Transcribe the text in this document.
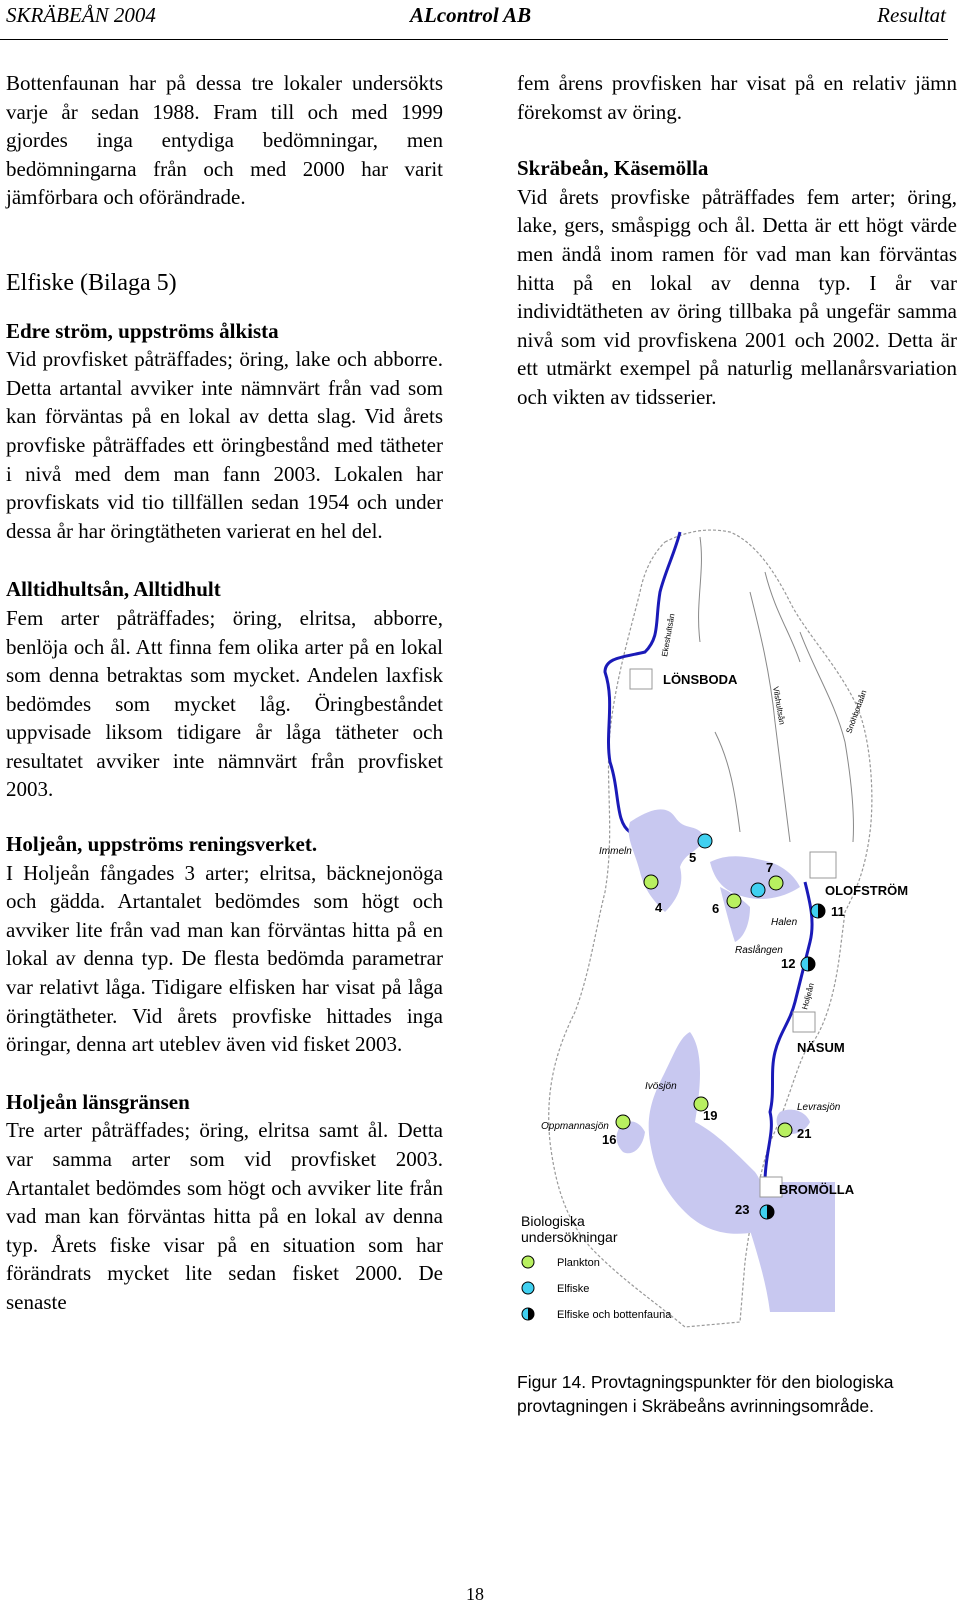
SKRÄBEÅN 2004	ALcontrol AB	Resultat

Bottenfaunan har på dessa tre lokaler undersökts varje år sedan 1988. Fram till och med 1999 gjordes inga entydiga bedömningar, men bedömningarna från och med 2000 har varit jämförbara och oförändrade.

Elfiske (Bilaga 5)
Edre ström, uppströms ålkista

Vid provfisket påträffades; öring, lake och abborre. Detta artantal avviker inte nämnvärt från vad som kan förväntas på en lokal av detta slag. Vid årets provfiske påträffades ett öringbestånd med tätheter i nivå med dem man fann 2003. Lokalen har provfiskats vid tio tillfällen sedan 1954 och under dessa år har öringtätheten varierat en hel del.

Alltidhultsån, Alltidhult

Fem arter påträffades; öring, elritsa, abborre, benlöja och ål. Att finna fem olika arter på en lokal som denna betraktas som mycket. Andelen laxfisk bedömdes som mycket låg. Öringbeståndet uppvisade liksom tidigare år låga tätheter och resultatet avviker inte nämnvärt från provfisket 2003.

Holjeån, uppströms reningsverket.

I Holjeån fångades 3 arter; elritsa, bäcknejonöga och gädda. Artantalet bedömdes som högt och avviker lite från vad man kan förväntas hitta på en lokal av denna typ. De flesta bedömda parametrar var relativt låga. Tidigare elfisken har visat på låga öringtätheter. Vid årets provfiske hittades inga öringar, denna art uteblev även vid fisket 2003.

Holjeån länsgränsen

Tre arter påträffades; öring, elritsa samt ål. Detta var samma arter som vid provfisket 2003. Artantalet bedömdes som högt och avviker lite från vad man kan förväntas hitta på en lokal av denna typ. Årets fiske visar på en situation som har förändrats mycket lite sedan fisket 2000. De senaste

fem årens provfisken har visat på en relativ jämn förekomst av öring.

Skräbeån, Käsemölla

Vid årets provfiske påträffades fem arter; öring, lake, gers, småspigg och ål. Detta är ett högt värde men ändå inom ramen för vad man kan förväntas hitta på en lokal av denna typ. I år var individtätheten av öring tillbaka på ungefär samma nivå som vid provfiskena 2001 och 2002. Detta är ett utmärkt exempel på naturlig mellanårsvariation och vikten av tidsserier.

LÖNSBODA
OLOFSTRÖM
NÄSUM
BROMÖLLA
Ekeshultsån
Vilshultsån	Snöhbodaån
Holjeån
Immeln
Halen
Raslången
Ivösjön
Oppmannasjön
Levrasjön
4
5
6
7
11
12
16
19
21
23
Biologiska
undersökningar
Plankton
Elfiske
Elfiske och bottenfauna
Figur 14. Provtagningspunkter för den biologiska provtagningen i Skräbeåns avrinningsområde.
18
